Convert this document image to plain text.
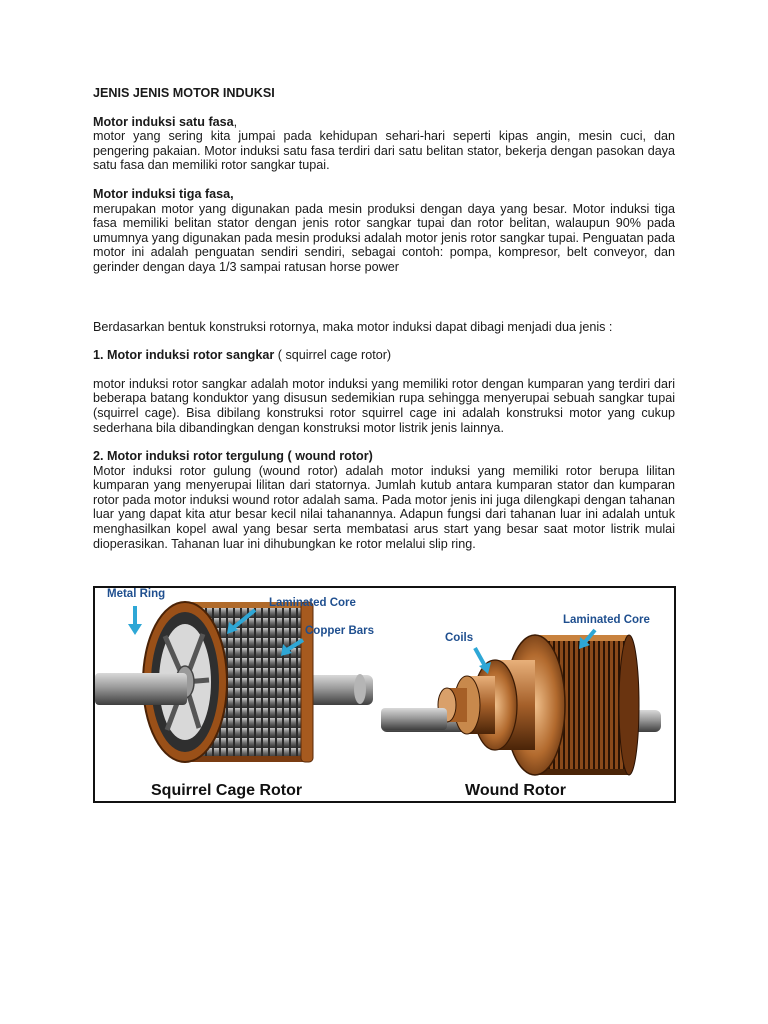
JENIS JENIS MOTOR INDUKSI
Motor induksi satu fasa,

motor yang sering kita jumpai pada kehidupan sehari-hari seperti kipas angin, mesin cuci, dan pengering pakaian. Motor induksi satu fasa terdiri dari satu belitan stator, bekerja dengan pasokan daya satu fasa dan memiliki rotor sangkar tupai.

Motor induksi tiga fasa,

merupakan motor yang digunakan pada mesin produksi dengan daya yang besar. Motor induksi tiga fasa memiliki belitan stator dengan jenis rotor sangkar tupai dan rotor belitan, walaupun 90% pada umumnya yang digunakan pada mesin produksi adalah motor jenis rotor sangkar tupai. Penguatan pada motor ini adalah penguatan sendiri sendiri, sebagai contoh: pompa, kompresor, belt conveyor, dan gerinder dengan daya 1/3 sampai ratusan horse power

Berdasarkan bentuk konstruksi rotornya, maka motor induksi dapat dibagi menjadi dua jenis :

1. Motor induksi rotor sangkar ( squirrel cage rotor)

motor induksi rotor sangkar adalah motor induksi yang memiliki rotor dengan kumparan yang terdiri dari beberapa batang konduktor yang disusun sedemikian rupa sehingga menyerupai sebuah sangkar tupai (squirrel cage). Bisa dibilang konstruksi rotor squirrel cage ini adalah konstruksi motor yang cukup sederhana bila dibandingkan dengan konstruksi motor listrik jenis lainnya.

2. Motor induksi rotor tergulung ( wound rotor)

Motor induksi rotor gulung (wound rotor) adalah motor induksi yang memiliki rotor berupa lilitan kumparan yang menyerupai lilitan dari statornya. Jumlah kutub antara kumparan stator dan kumparan rotor pada motor induksi wound rotor adalah sama. Pada motor jenis ini juga dilengkapi dengan tahanan luar yang dapat kita atur besar kecil nilai tahanannya. Adapun fungsi dari tahanan luar ini adalah untuk menghasilkan kopel awal yang besar serta membatasi arus start yang besar saat motor listrik mulai dioperasikan. Tahanan luar ini dihubungkan ke rotor melalui slip ring.

Metal Ring
Laminated Core
Copper Bars
Coils
Laminated Core
Squirrel Cage Rotor	Wound Rotor
